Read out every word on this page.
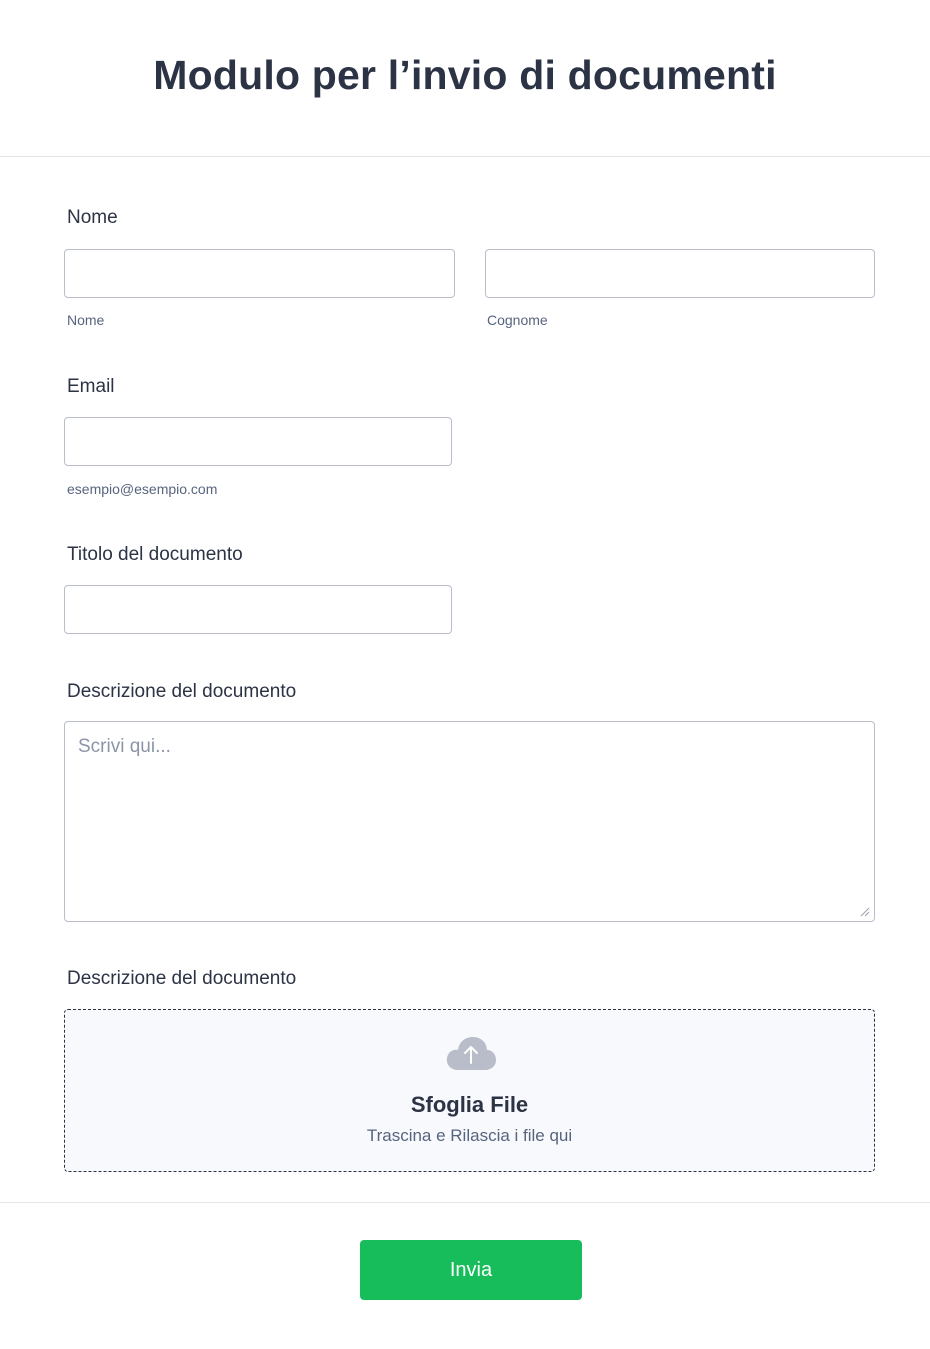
Modulo per l’invio di documenti
Nome
Nome	Cognome
Email
esempio@esempio.com
Titolo del documento
Descrizione del documento
Scrivi qui...
Descrizione del documento
Sfoglia File
Trascina e Rilascia i file qui
Invia
